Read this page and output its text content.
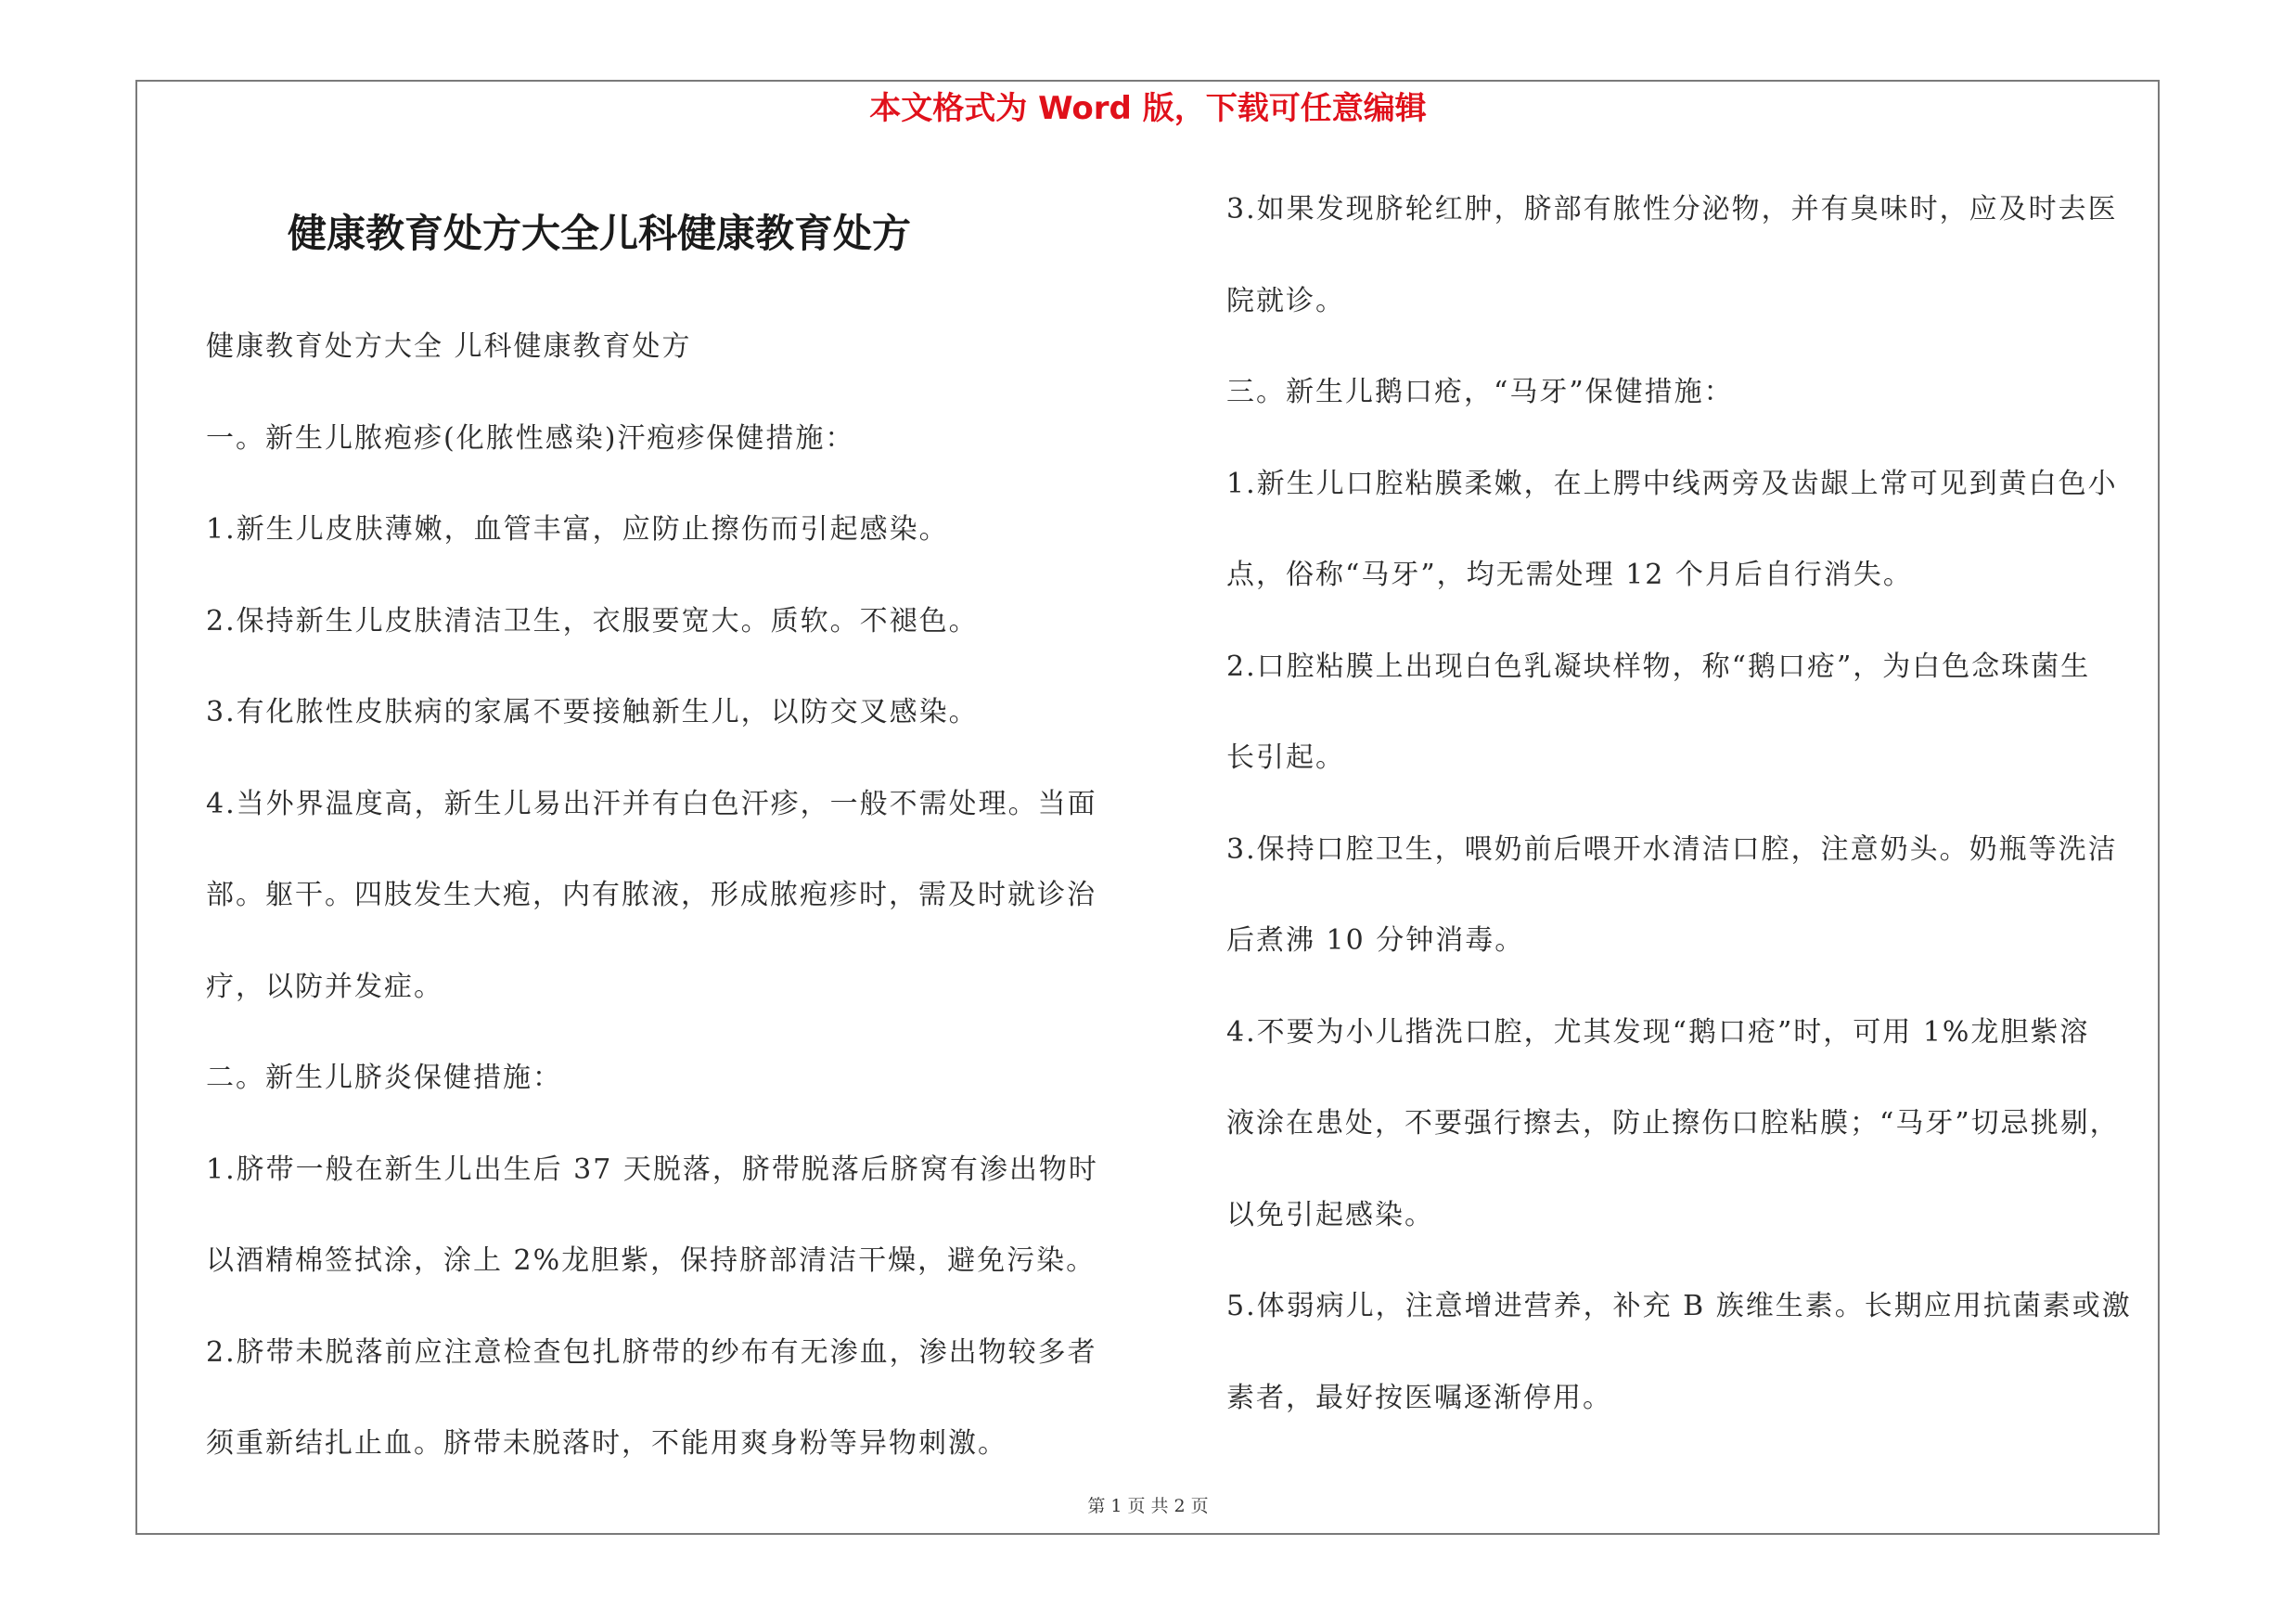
本文格式为 Word 版，下载可任意编辑
健康教育处方大全儿科健康教育处方
健康教育处方大全 儿科健康教育处方
一。新生儿脓疱疹(化脓性感染)汗疱疹保健措施：
1.新生儿皮肤薄嫩，血管丰富，应防止擦伤而引起感染。
2.保持新生儿皮肤清洁卫生，衣服要宽大。质软。不褪色。
3.有化脓性皮肤病的家属不要接触新生儿，以防交叉感染。
4.当外界温度高，新生儿易出汗并有白色汗疹，一般不需处理。当面
部。躯干。四肢发生大疱，内有脓液，形成脓疱疹时，需及时就诊治
疗，以防并发症。
二。新生儿脐炎保健措施：
1.脐带一般在新生儿出生后 37 天脱落，脐带脱落后脐窝有渗出物时
以酒精棉签拭涂，涂上 2%龙胆紫，保持脐部清洁干燥，避免污染。
2.脐带未脱落前应注意检查包扎脐带的纱布有无渗血，渗出物较多者
须重新结扎止血。脐带未脱落时，不能用爽身粉等异物刺激。
3.如果发现脐轮红肿，脐部有脓性分泌物，并有臭味时，应及时去医
院就诊。
三。新生儿鹅口疮，“马牙”保健措施：
1.新生儿口腔粘膜柔嫩，在上腭中线两旁及齿龈上常可见到黄白色小
点，俗称“马牙”，均无需处理 12 个月后自行消失。
2.口腔粘膜上出现白色乳凝块样物，称“鹅口疮”，为白色念珠菌生
长引起。
3.保持口腔卫生，喂奶前后喂开水清洁口腔，注意奶头。奶瓶等洗洁
后煮沸 10 分钟消毒。
4.不要为小儿揩洗口腔，尤其发现“鹅口疮”时，可用 1%龙胆紫溶
液涂在患处，不要强行擦去，防止擦伤口腔粘膜；“马牙”切忌挑剔，
以免引起感染。
5.体弱病儿，注意增进营养，补充 B 族维生素。长期应用抗菌素或激
素者，最好按医嘱逐渐停用。
第 1 页 共 2 页
